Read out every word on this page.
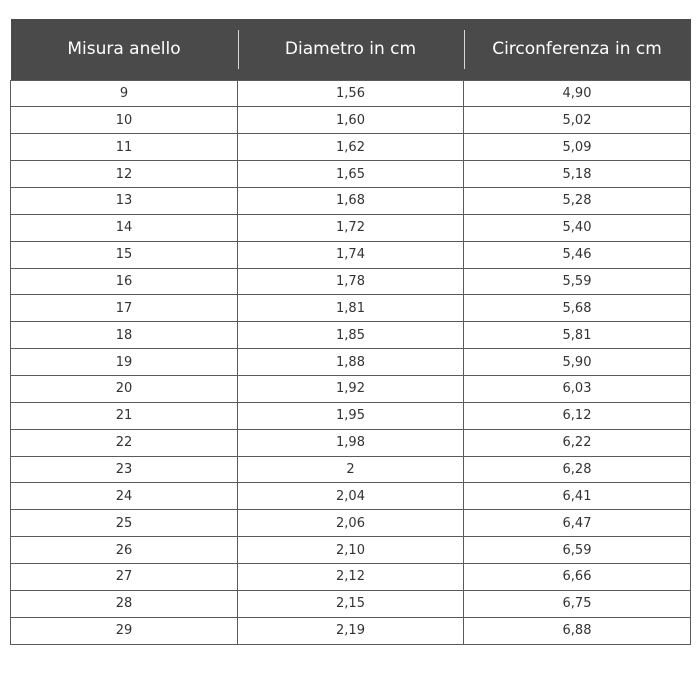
Misura anello	Diametro in cm	Circonferenza in cm
9	1,56	4,90
10	1,60	5,02
11	1,62	5,09
12	1,65	5,18
13	1,68	5,28
14	1,72	5,40
15	1,74	5,46
16	1,78	5,59
17	1,81	5,68
18	1,85	5,81
19	1,88	5,90
20	1,92	6,03
21	1,95	6,12
22	1,98	6,22
23	2	6,28
24	2,04	6,41
25	2,06	6,47
26	2,10	6,59
27	2,12	6,66
28	2,15	6,75
29	2,19	6,88
